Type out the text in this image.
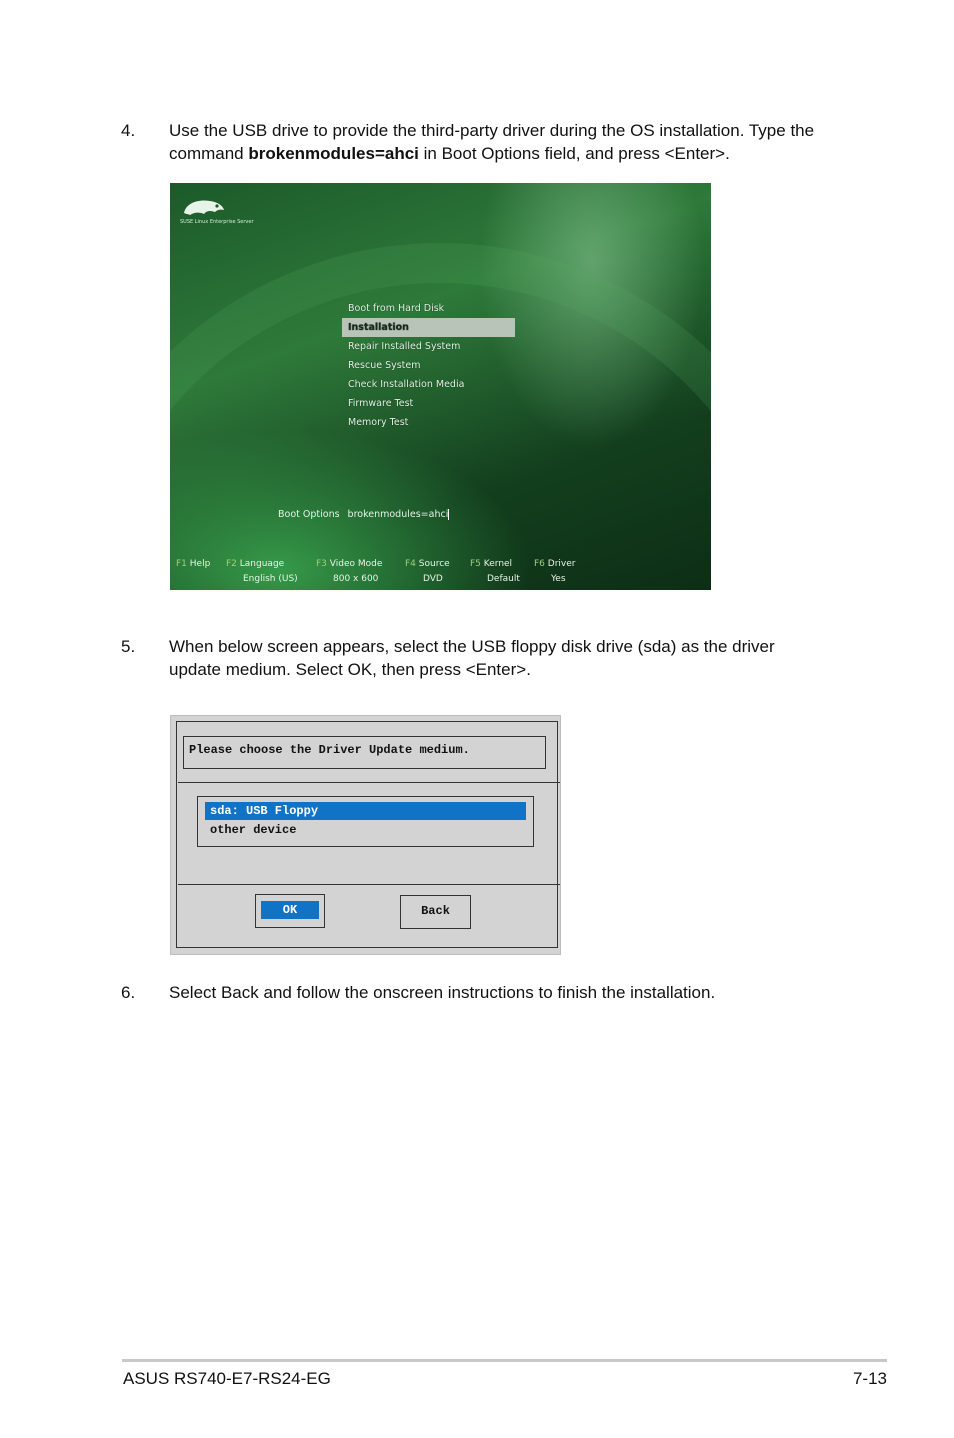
4.	Use the USB drive to provide the third-party driver during the OS installation. Type the command brokenmodules=ahci in Boot Options field, and press <Enter>.
SUSE Linux Enterprise Server
Boot from Hard Disk
Installation
Repair Installed System
Rescue System
Check Installation Media
Firmware Test
Memory Test
Boot Options brokenmodules=ahci
F1 Help F2 Language	F3 Video Mode	F4 Source F5 Kernel F6 Driver
English (US)	800 x 600	DVD	Default	Yes
5.	When below screen appears, select the USB floppy disk drive (sda) as the driver update medium. Select OK, then press <Enter>.
Please choose the Driver Update medium.
sda: USB Floppy
other device
OK	Back
6.	Select Back and follow the onscreen instructions to finish the installation.
ASUS RS740-E7-RS24-EG	7-13
